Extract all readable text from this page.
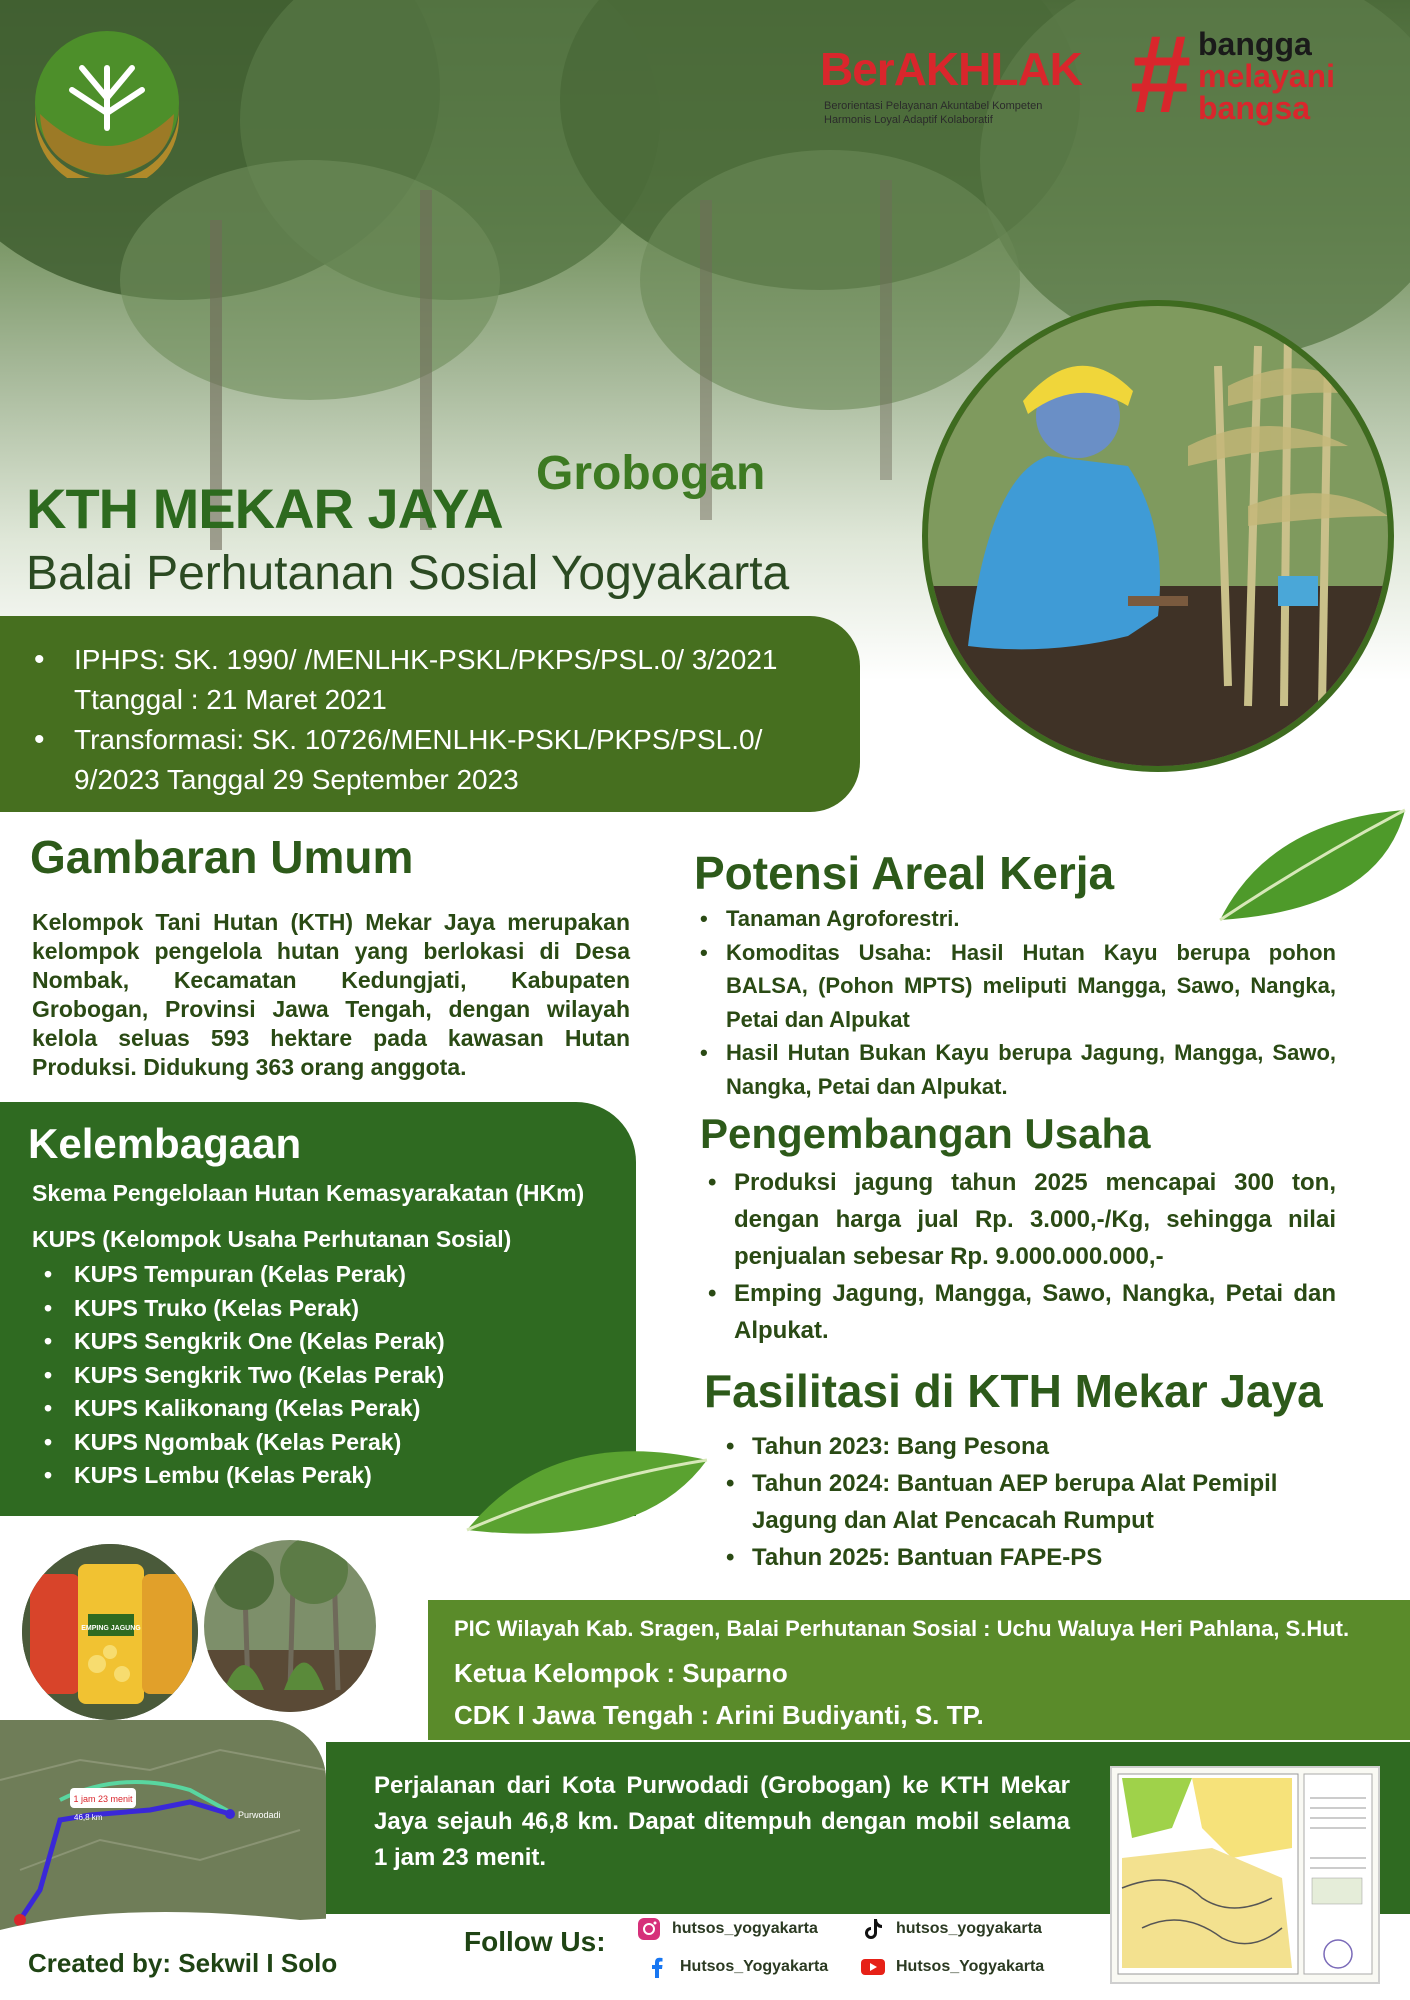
BerAKHLAK
Berorientasi Pelayanan Akuntabel Kompeten
Harmonis Loyal Adaptif Kolaboratif # bangga
melayani
bangsa
Grobogan
KTH MEKAR JAYA
Balai Perhutanan Sosial Yogyakarta
• IPHPS: SK. 1990/ /MENLHK-PSKL/PKPS/PSL.0/ 3/2021 Ttanggal : 21 Maret 2021
• Transformasi: SK. 10726/MENLHK-PSKL/PKPS/PSL.0/ 9/2023 Tanggal 29 September 2023
Gambaran Umum
Kelompok Tani Hutan (KTH) Mekar Jaya merupakan kelompok pengelola hutan yang berlokasi di Desa Nombak, Kecamatan Kedungjati, Kabupaten Grobogan, Provinsi Jawa Tengah, dengan wilayah kelola seluas 593 hektare pada kawasan Hutan Produksi. Didukung 363 orang anggota.
Potensi Areal Kerja
• Tanaman Agroforestri.
• Komoditas Usaha: Hasil Hutan Kayu berupa pohon BALSA, (Pohon MPTS) meliputi Mangga, Sawo, Nangka, Petai dan Alpukat
• Hasil Hutan Bukan Kayu berupa Jagung, Mangga, Sawo, Nangka, Petai dan Alpukat.
Pengembangan Usaha
• Produksi jagung tahun 2025 mencapai 300 ton, dengan harga jual Rp. 3.000,-/Kg, sehingga nilai penjualan sebesar Rp. 9.000.000.000,-
• Emping Jagung, Mangga, Sawo, Nangka, Petai dan Alpukat.
Fasilitasi di KTH Mekar Jaya
• Tahun 2023: Bang Pesona
• Tahun 2024: Bantuan AEP berupa Alat Pemipil Jagung dan Alat Pencacah Rumput
• Tahun 2025: Bantuan FAPE-PS
Kelembagaan
Skema Pengelolaan Hutan Kemasyarakatan (HKm)
KUPS (Kelompok Usaha Perhutanan Sosial)
• KUPS Tempuran (Kelas Perak)
• KUPS Truko (Kelas Perak)
• KUPS Sengkrik One (Kelas Perak)
• KUPS Sengkrik Two (Kelas Perak)
• KUPS Kalikonang (Kelas Perak)
• KUPS Ngombak (Kelas Perak)
• KUPS Lembu (Kelas Perak)
EMPING JAGUNG	PIC Wilayah Kab. Sragen, Balai Perhutanan Sosial : Uchu Waluya Heri Pahlana, S.Hut.
Ketua Kelompok : Suparno
CDK I Jawa Tengah : Arini Budiyanti, S. TP.
1 jam 23 menit
46,8 km	Purwodadi
Perjalanan dari Kota Purwodadi (Grobogan) ke KTH Mekar Jaya sejauh 46,8 km. Dapat ditempuh dengan mobil selama 1 jam 23 menit.
Created by: Sekwil I Solo
Follow Us:	hutsos_yogyakarta	hutsos_yogyakarta
Hutsos_Yogyakarta	Hutsos_Yogyakarta
